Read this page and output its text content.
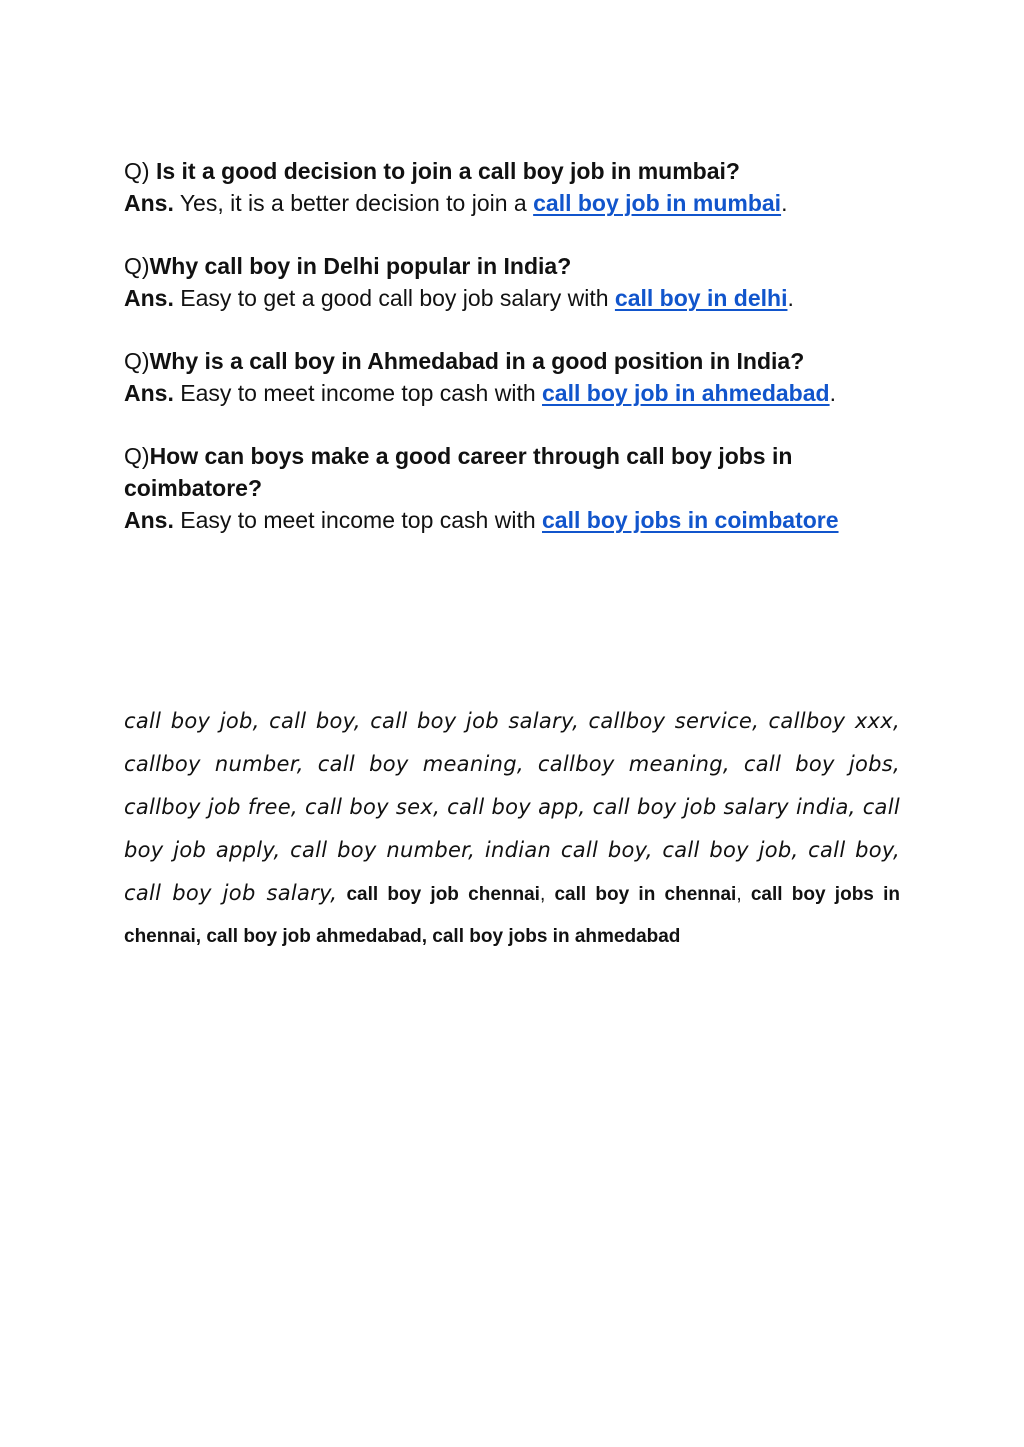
Q) Is it a good decision to join a call boy job in mumbai?

Ans. Yes, it is a better decision to join a call boy job in mumbai.

Q)Why call boy in Delhi popular in India?

Ans. Easy to get a good call boy job salary with call boy in delhi.

Q)Why is a call boy in Ahmedabad in a good position in India?

Ans. Easy to meet income top cash with call boy job in ahmedabad.

Q)How can boys make a good career through call boy jobs in coimbatore?

Ans. Easy to meet income top cash with call boy jobs in coimbatore

call boy job, call boy, call boy job salary, callboy service, callboy xxx, callboy number, call boy meaning, callboy meaning, call boy jobs, callboy job free, call boy sex, call boy app, call boy job salary india, call boy job apply, call boy number, indian call boy, call boy job, call boy, call boy job salary, call boy job chennai, call boy in chennai, call boy jobs in chennai, call boy job ahmedabad, call boy jobs in ahmedabad
